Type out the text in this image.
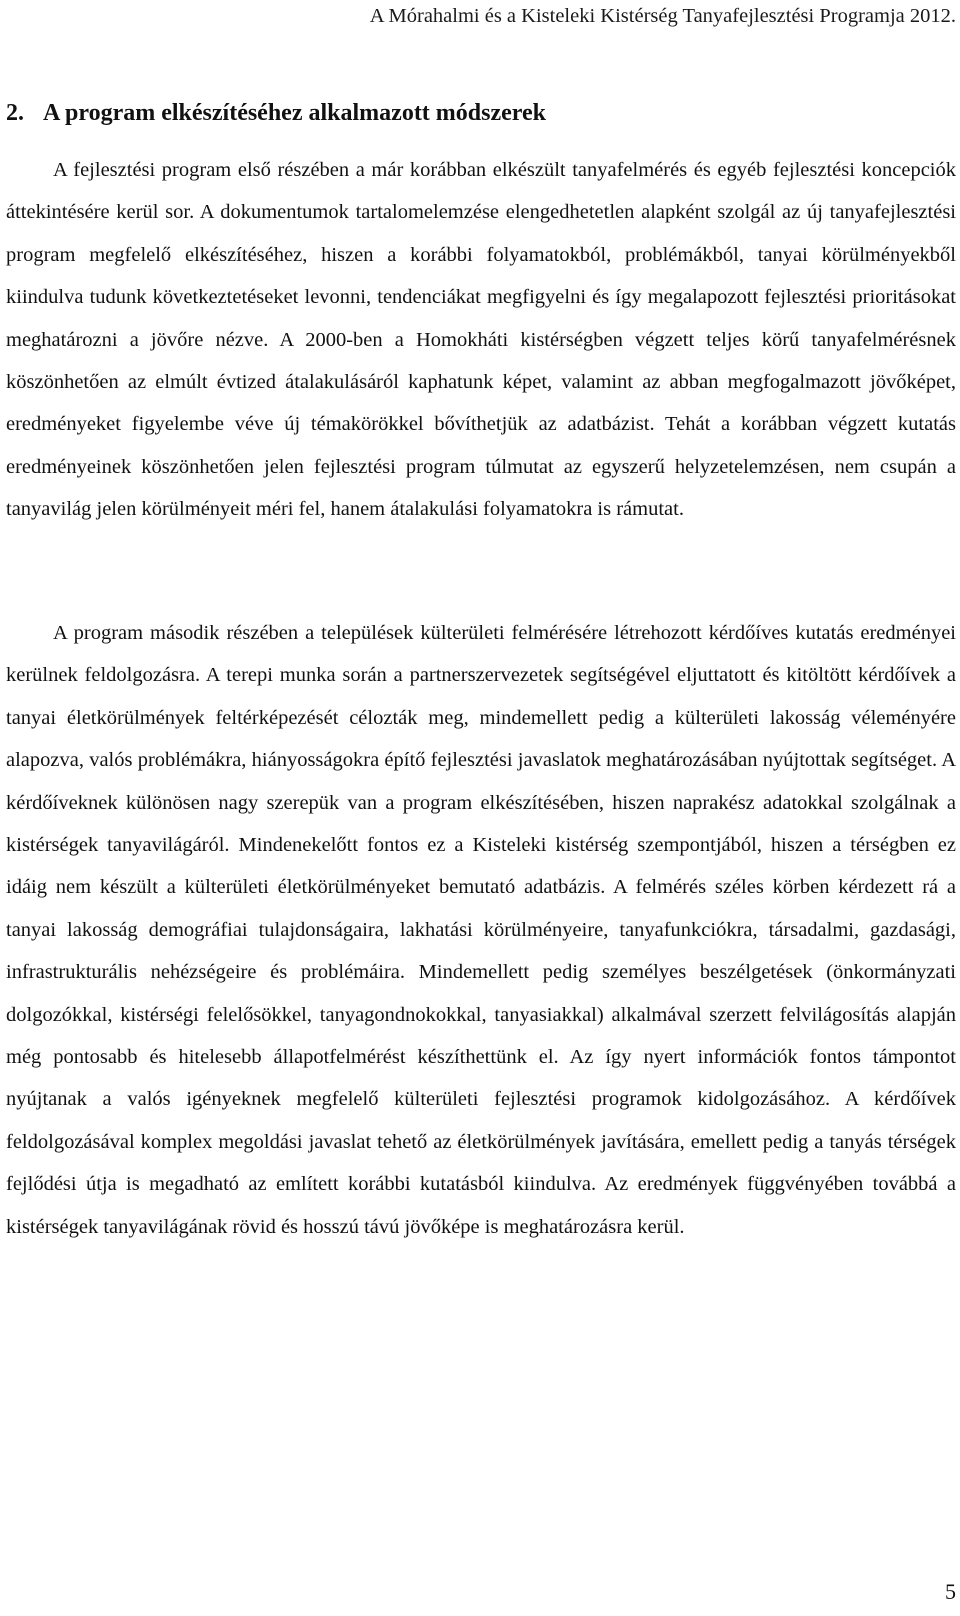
A Mórahalmi és a Kisteleki Kistérség Tanyafejlesztési Programja 2012.
2. A program elkészítéséhez alkalmazott módszerek

A fejlesztési program első részében a már korábban elkészült tanyafelmérés és egyéb fejlesztési koncepciók áttekintésére kerül sor. A dokumentumok tartalomelemzése elengedhetetlen alapként szolgál az új tanyafejlesztési program megfelelő elkészítéséhez, hiszen a korábbi folyamatokból, problémákból, tanyai körülményekből kiindulva tudunk következtetéseket levonni, tendenciákat megfigyelni és így megalapozott fejlesztési prioritásokat meghatározni a jövőre nézve. A 2000-ben a Homokháti kistérségben végzett teljes körű tanyafelmérésnek köszönhetően az elmúlt évtized átalakulásáról kaphatunk képet, valamint az abban megfogalmazott jövőképet, eredményeket figyelembe véve új témakörökkel bővíthetjük az adatbázist. Tehát a korábban végzett kutatás eredményeinek köszönhetően jelen fejlesztési program túlmutat az egyszerű helyzetelemzésen, nem csupán a tanyavilág jelen körülményeit méri fel, hanem átalakulási folyamatokra is rámutat.

A program második részében a települések külterületi felmérésére létrehozott kérdőíves kutatás eredményei kerülnek feldolgozásra. A terepi munka során a partnerszervezetek segítségével eljuttatott és kitöltött kérdőívek a tanyai életkörülmények feltérképezését célozták meg, mindemellett pedig a külterületi lakosság véleményére alapozva, valós problémákra, hiányosságokra építő fejlesztési javaslatok meghatározásában nyújtottak segítséget. A kérdőíveknek különösen nagy szerepük van a program elkészítésében, hiszen naprakész adatokkal szolgálnak a kistérségek tanyavilágáról. Mindenekelőtt fontos ez a Kisteleki kistérség szempontjából, hiszen a térségben ez idáig nem készült a külterületi életkörülményeket bemutató adatbázis. A felmérés széles körben kérdezett rá a tanyai lakosság demográfiai tulajdonságaira, lakhatási körülményeire, tanyafunkciókra, társadalmi, gazdasági, infrastrukturális nehézségeire és problémáira. Mindemellett pedig személyes beszélgetések (önkormányzati dolgozókkal, kistérségi felelősökkel, tanyagondnokokkal, tanyasiakkal) alkalmával szerzett felvilágosítás alapján még pontosabb és hitelesebb állapotfelmérést készíthettünk el. Az így nyert információk fontos támpontot nyújtanak a valós igényeknek megfelelő külterületi fejlesztési programok kidolgozásához. A kérdőívek feldolgozásával komplex megoldási javaslat tehető az életkörülmények javítására, emellett pedig a tanyás térségek fejlődési útja is megadható az említett korábbi kutatásból kiindulva. Az eredmények függvényében továbbá a kistérségek tanyavilágának rövid és hosszú távú jövőképe is meghatározásra kerül.

5
